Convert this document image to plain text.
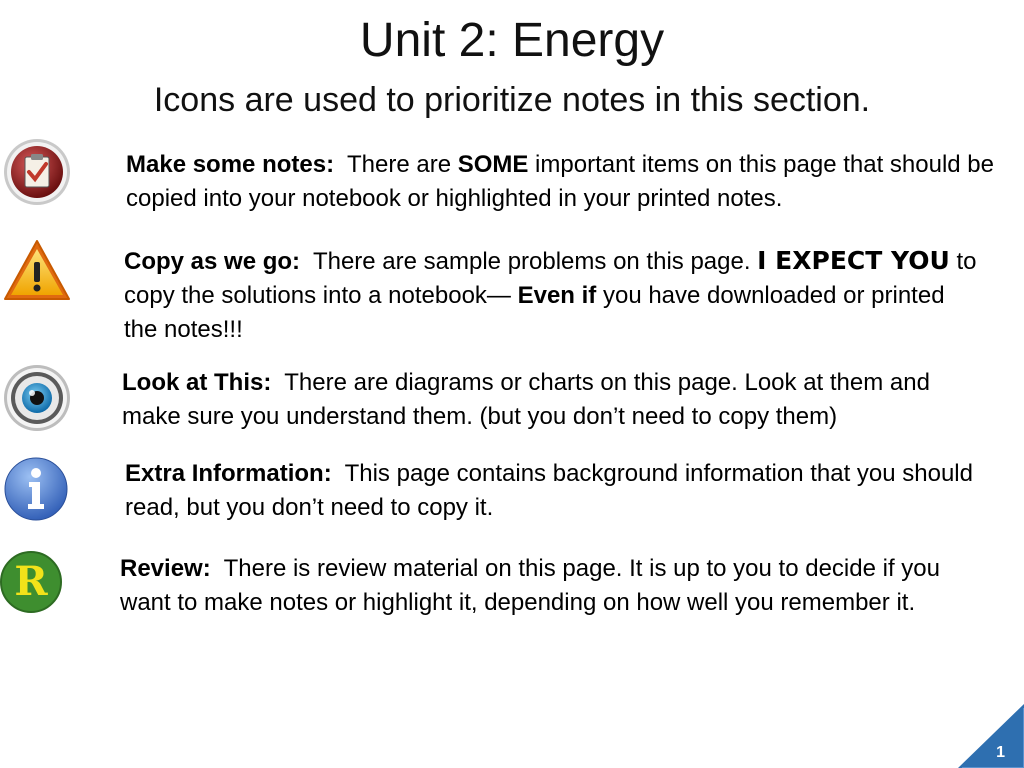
Unit 2: Energy
Icons are used to prioritize notes in this section.
Make some notes: There are SOME important items on this page that should be copied into your notebook or highlighted in your printed notes.
Copy as we go: There are sample problems on this page. I EXPECT YOU to copy the solutions into a notebook— Even if you have downloaded or printed the notes!!!
Look at This: There are diagrams or charts on this page. Look at them and make sure you understand them. (but you don’t need to copy them)
Extra Information: This page contains background information that you should read, but you don’t need to copy it.
R	Review: There is review material on this page. It is up to you to decide if you want to make notes or highlight it, depending on how well you remember it.
1
